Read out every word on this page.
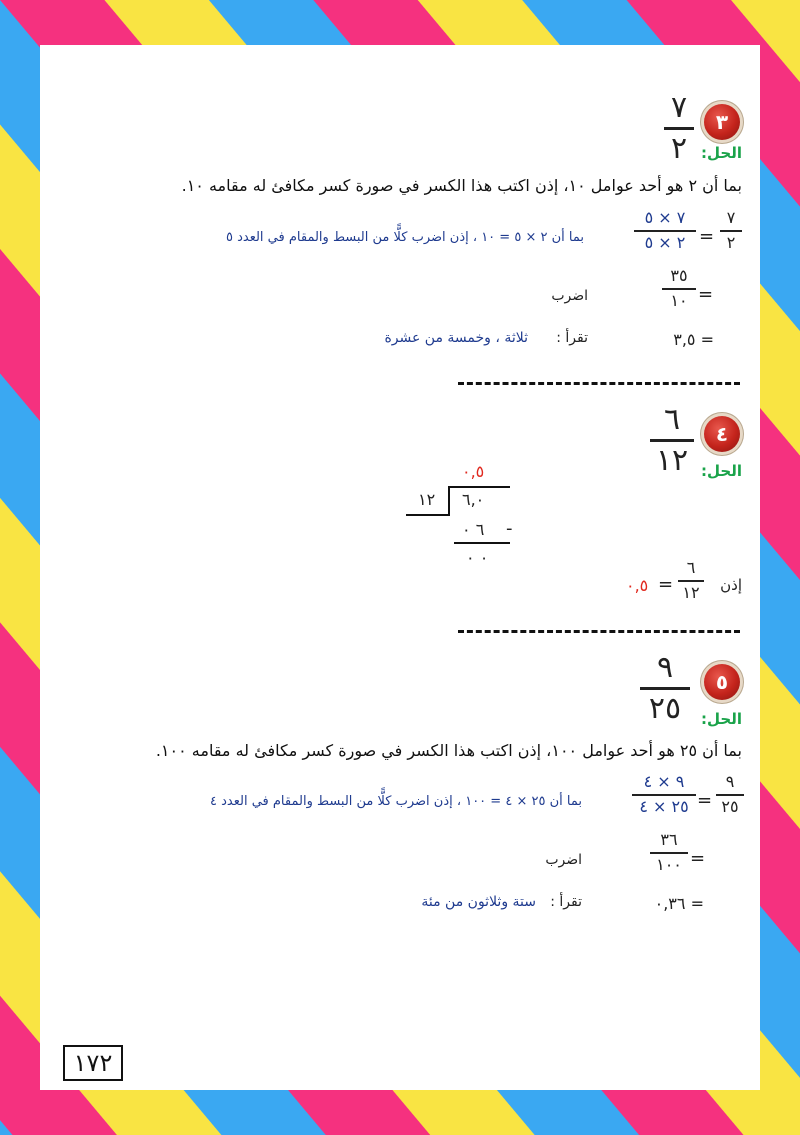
٣
٧
٢ الحل:
بما أن ٢ هو أحد عوامل ١٠، إذن اكتب هذا الكسر في صورة كسر مكافئ له مقامه ١٠.
٧
٢
=
٧ × ٥
٢ × ٥
بما أن ٢ × ٥ = ١٠ ، إذن اضرب كلًّا من البسط والمقام في العدد ٥
=
٣٥
١٠
اضرب
= ٣,٥
تقرأ :
ثلاثة ، وخمسة من عشرة
٤
٦
١٢ الحل:
٠,٥
١٢ ٦,٠
٦ ٠ -
٠ ٠
إذن
٦
١٢
=
٠,٥
٥
٩
٢٥ الحل:
بما أن ٢٥ هو أحد عوامل ١٠٠، إذن اكتب هذا الكسر في صورة كسر مكافئ له مقامه ١٠٠.
٩
٢٥
=
٩ × ٤
٢٥ × ٤
بما أن ٢٥ × ٤ = ١٠٠ ، إذن اضرب كلًّا من البسط والمقام في العدد ٤
=
٣٦
١٠٠
اضرب
= ٠,٣٦
تقرأ :
ستة وثلاثون من مئة
١٧٢
